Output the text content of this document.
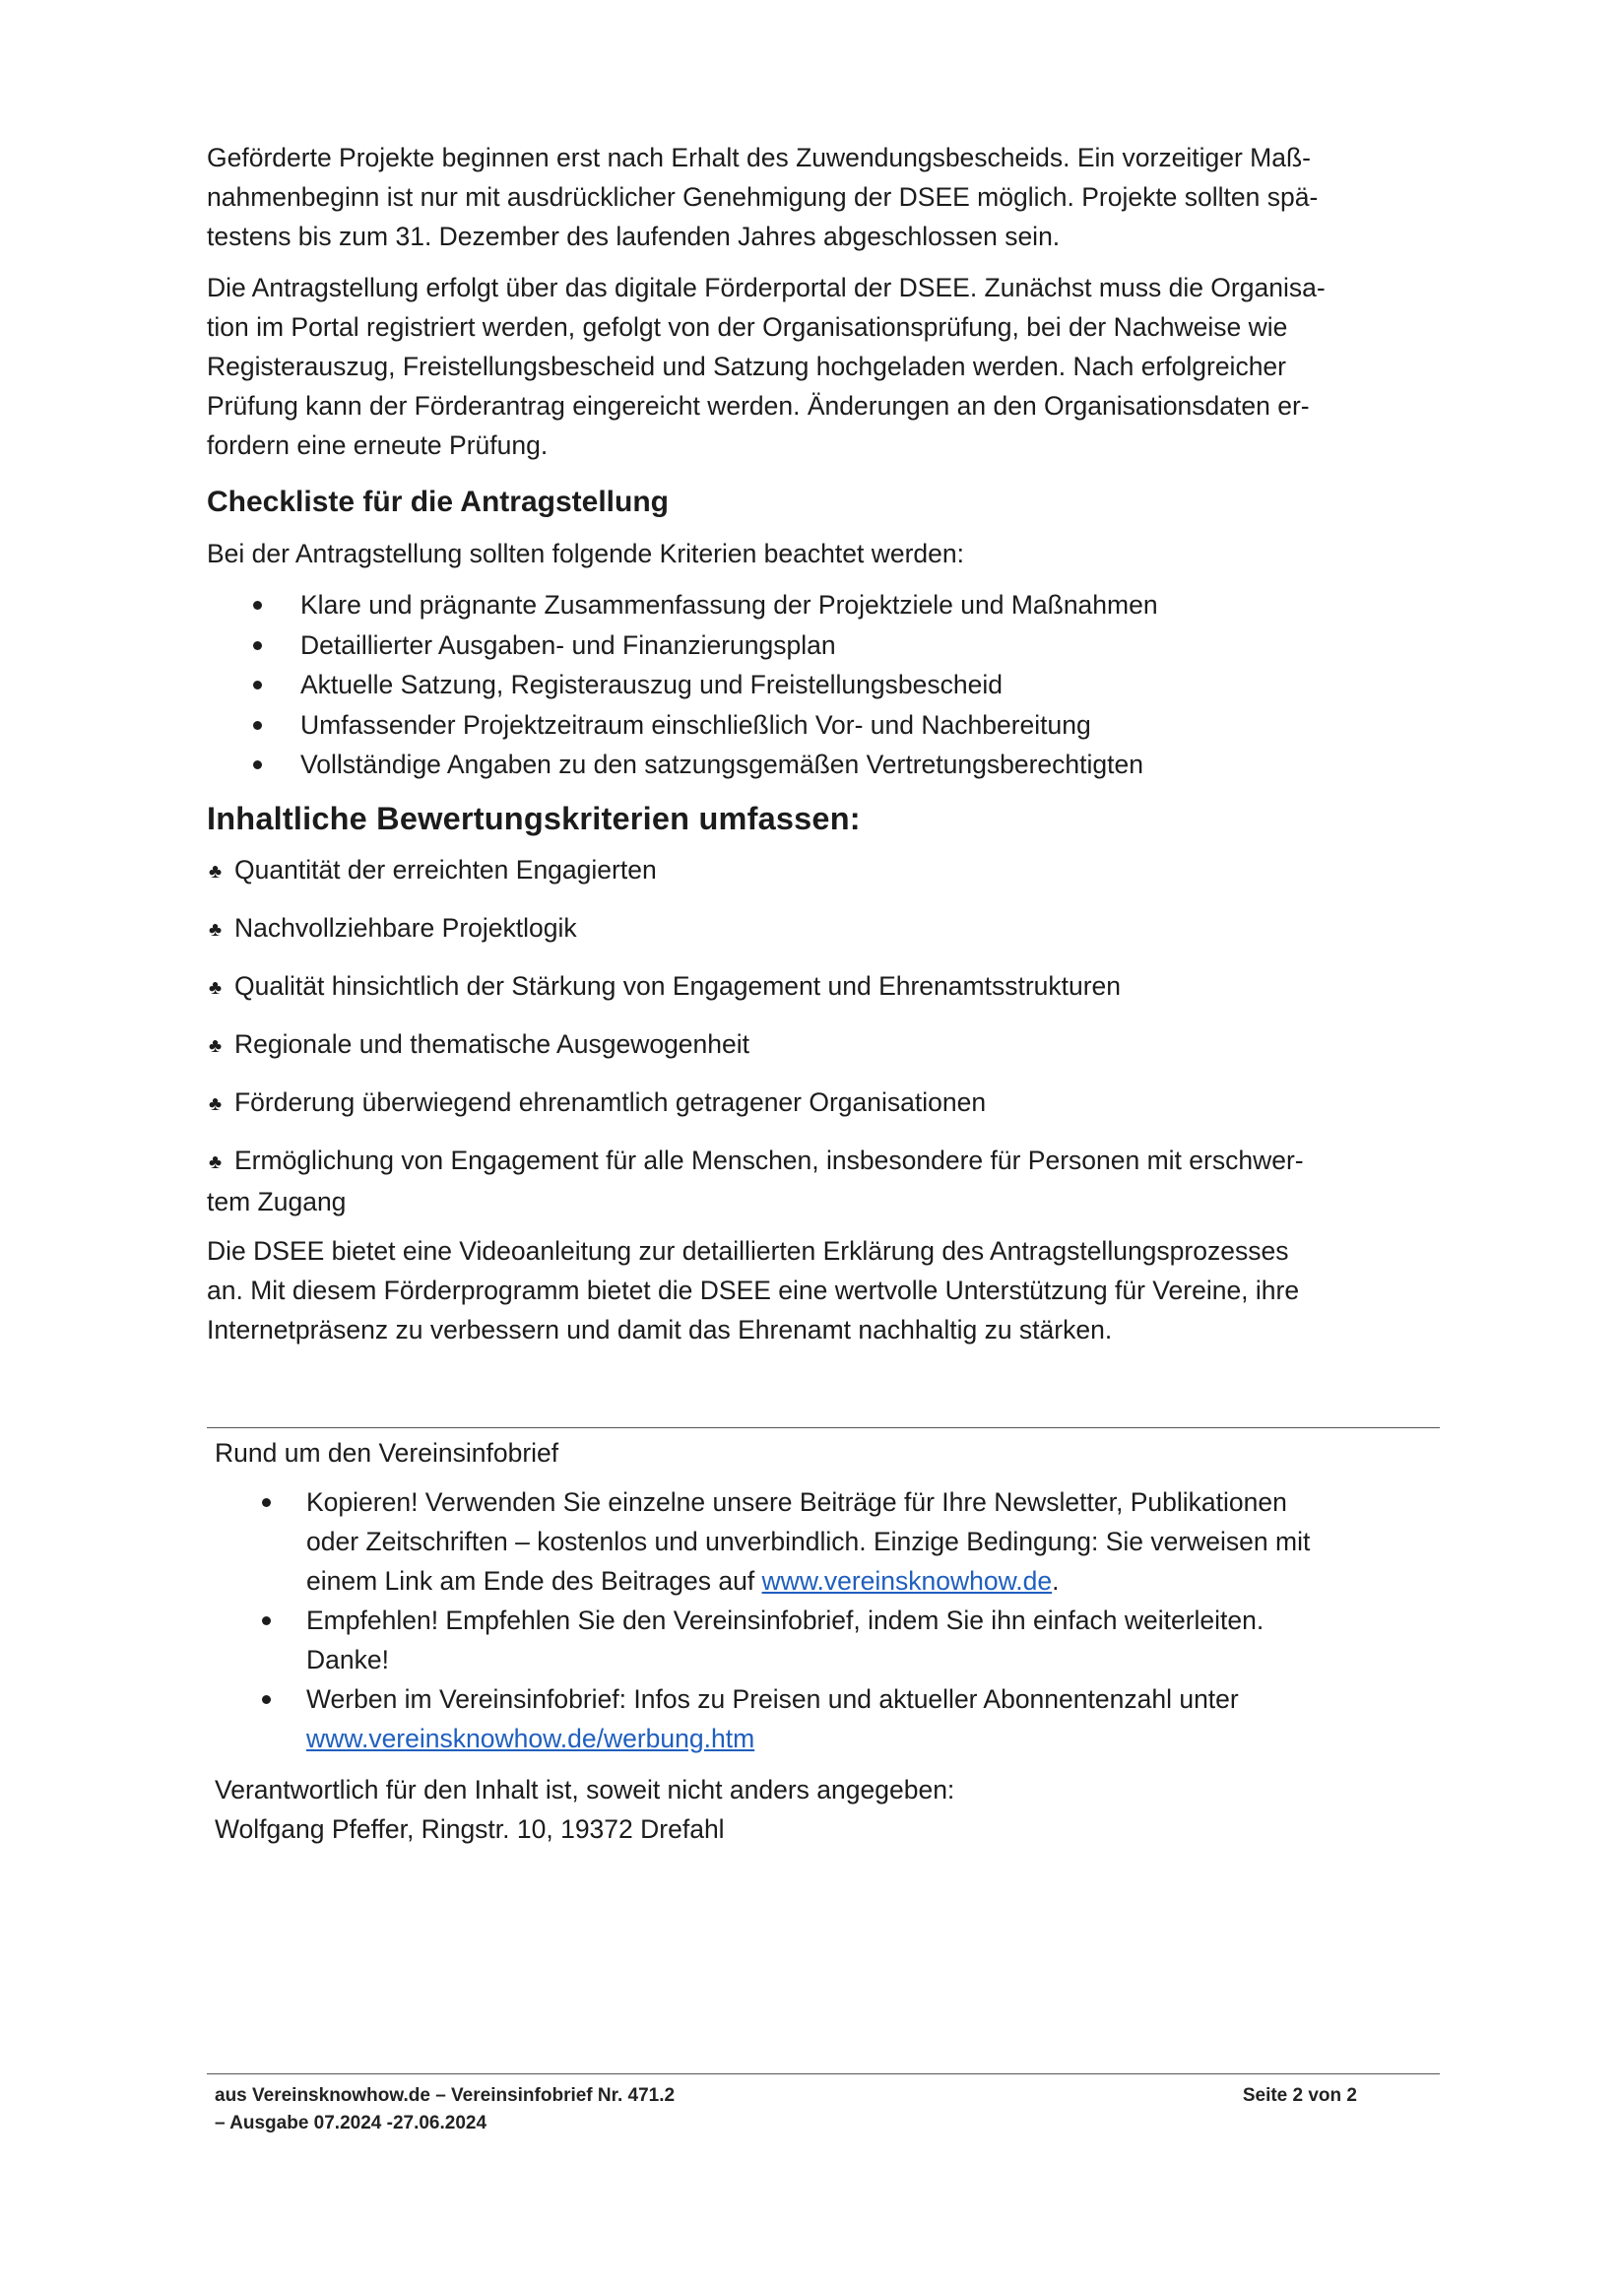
Geförderte Projekte beginnen erst nach Erhalt des Zuwendungsbescheids. Ein vorzeitiger Maß-
nahmenbeginn ist nur mit ausdrücklicher Genehmigung der DSEE möglich. Projekte sollten spä-
testens bis zum 31. Dezember des laufenden Jahres abgeschlossen sein.

Die Antragstellung erfolgt über das digitale Förderportal der DSEE. Zunächst muss die Organisa-
tion im Portal registriert werden, gefolgt von der Organisationsprüfung, bei der Nachweise wie
Registerauszug, Freistellungsbescheid und Satzung hochgeladen werden. Nach erfolgreicher
Prüfung kann der Förderantrag eingereicht werden. Änderungen an den Organisationsdaten er-
fordern eine erneute Prüfung.

Checkliste für die Antragstellung

Bei der Antragstellung sollten folgende Kriterien beachtet werden:

Klare und prägnante Zusammenfassung der Projektziele und Maßnahmen
Detaillierter Ausgaben- und Finanzierungsplan
Aktuelle Satzung, Registerauszug und Freistellungsbescheid
Umfassender Projektzeitraum einschließlich Vor- und Nachbereitung
Vollständige Angaben zu den satzungsgemäßen Vertretungsberechtigten
Inhaltliche Bewertungskriterien umfassen:
♣ Quantität der erreichten Engagierten
♣ Nachvollziehbare Projektlogik
♣ Qualität hinsichtlich der Stärkung von Engagement und Ehrenamtsstrukturen
♣ Regionale und thematische Ausgewogenheit
♣ Förderung überwiegend ehrenamtlich getragener Organisationen
♣ Ermöglichung von Engagement für alle Menschen, insbesondere für Personen mit erschwer-
tem Zugang

Die DSEE bietet eine Videoanleitung zur detaillierten Erklärung des Antragstellungsprozesses
an. Mit diesem Förderprogramm bietet die DSEE eine wertvolle Unterstützung für Vereine, ihre
Internetpräsenz zu verbessern und damit das Ehrenamt nachhaltig zu stärken.

Rund um den Vereinsinfobrief

Kopieren! Verwenden Sie einzelne unsere Beiträge für Ihre Newsletter, Publikationen
oder Zeitschriften – kostenlos und unverbindlich. Einzige Bedingung: Sie verweisen mit
einem Link am Ende des Beitrages auf www.vereinsknowhow.de.
Empfehlen! Empfehlen Sie den Vereinsinfobrief, indem Sie ihn einfach weiterleiten.
Danke!
Werben im Vereinsinfobrief: Infos zu Preisen und aktueller Abonnentenzahl unter
www.vereinsknowhow.de/werbung.htm

Verantwortlich für den Inhalt ist, soweit nicht anders angegeben:
Wolfgang Pfeffer, Ringstr. 10, 19372 Drefahl

aus Vereinsknowhow.de – Vereinsinfobrief Nr. 471.2
– Ausgabe 07.2024 -27.06.2024
Seite 2 von 2
